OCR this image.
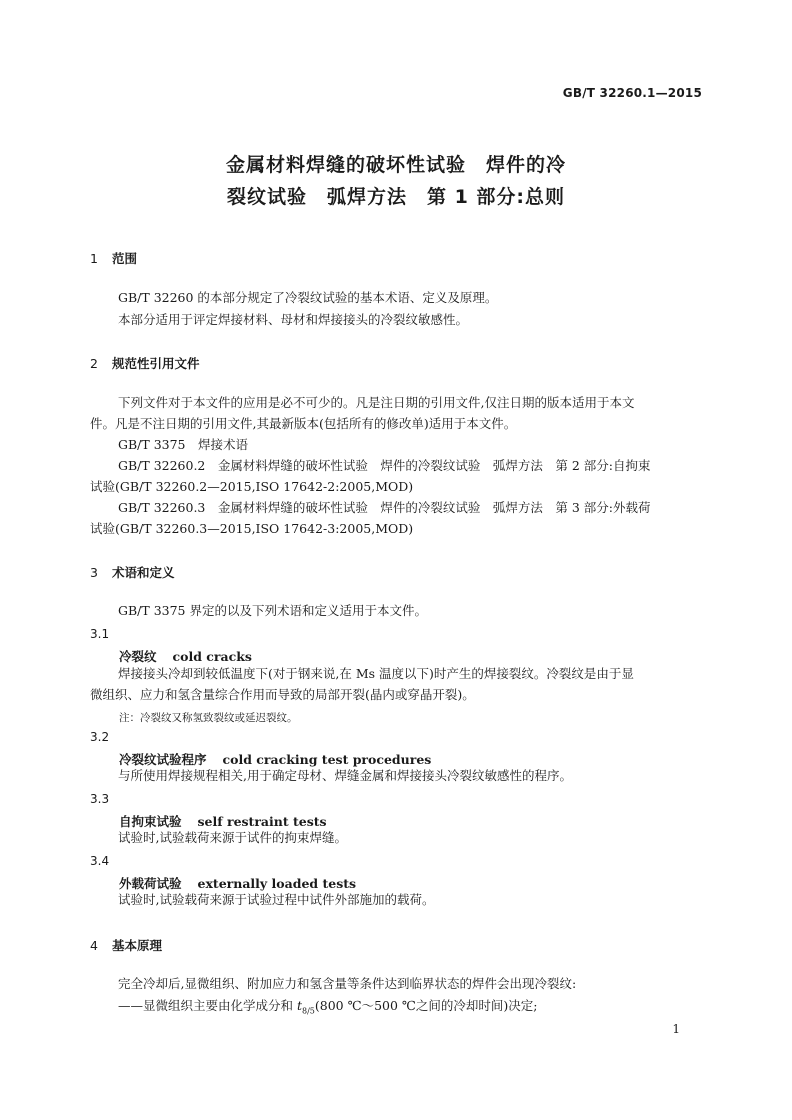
GB/T 32260.1—2015
金属材料焊缝的破坏性试验　焊件的冷
裂纹试验　弧焊方法　第 1 部分:总则
1 范围
GB/T 32260 的本部分规定了冷裂纹试验的基本术语、定义及原理。
本部分适用于评定焊接材料、母材和焊接接头的冷裂纹敏感性。
2 规范性引用文件
下列文件对于本文件的应用是必不可少的。凡是注日期的引用文件,仅注日期的版本适用于本文
件。凡是不注日期的引用文件,其最新版本(包括所有的修改单)适用于本文件。
GB/T 3375　焊接术语
GB/T 32260.2　金属材料焊缝的破坏性试验　焊件的冷裂纹试验　弧焊方法　第 2 部分:自拘束
试验(GB/T 32260.2—2015,ISO 17642-2:2005,MOD)
GB/T 32260.3　金属材料焊缝的破坏性试验　焊件的冷裂纹试验　弧焊方法　第 3 部分:外载荷
试验(GB/T 32260.3—2015,ISO 17642-3:2005,MOD)
3 术语和定义
GB/T 3375 界定的以及下列术语和定义适用于本文件。
3.1
冷裂纹 cold cracks
焊接接头冷却到较低温度下(对于钢来说,在 Ms 温度以下)时产生的焊接裂纹。冷裂纹是由于显
微组织、应力和氢含量综合作用而导致的局部开裂(晶内或穿晶开裂)。
注：冷裂纹又称氢致裂纹或延迟裂纹。
3.2
冷裂纹试验程序 cold cracking test procedures
与所使用焊接规程相关,用于确定母材、焊缝金属和焊接接头冷裂纹敏感性的程序。
3.3
自拘束试验 self restraint tests
试验时,试验载荷来源于试件的拘束焊缝。
3.4
外载荷试验 externally loaded tests
试验时,试验载荷来源于试验过程中试件外部施加的载荷。
4 基本原理
完全冷却后,显微组织、附加应力和氢含量等条件达到临界状态的焊件会出现冷裂纹:
——显微组织主要由化学成分和 $t_{8/5}(800$ ℃～500 ℃之间的冷却时间)决定;
1
